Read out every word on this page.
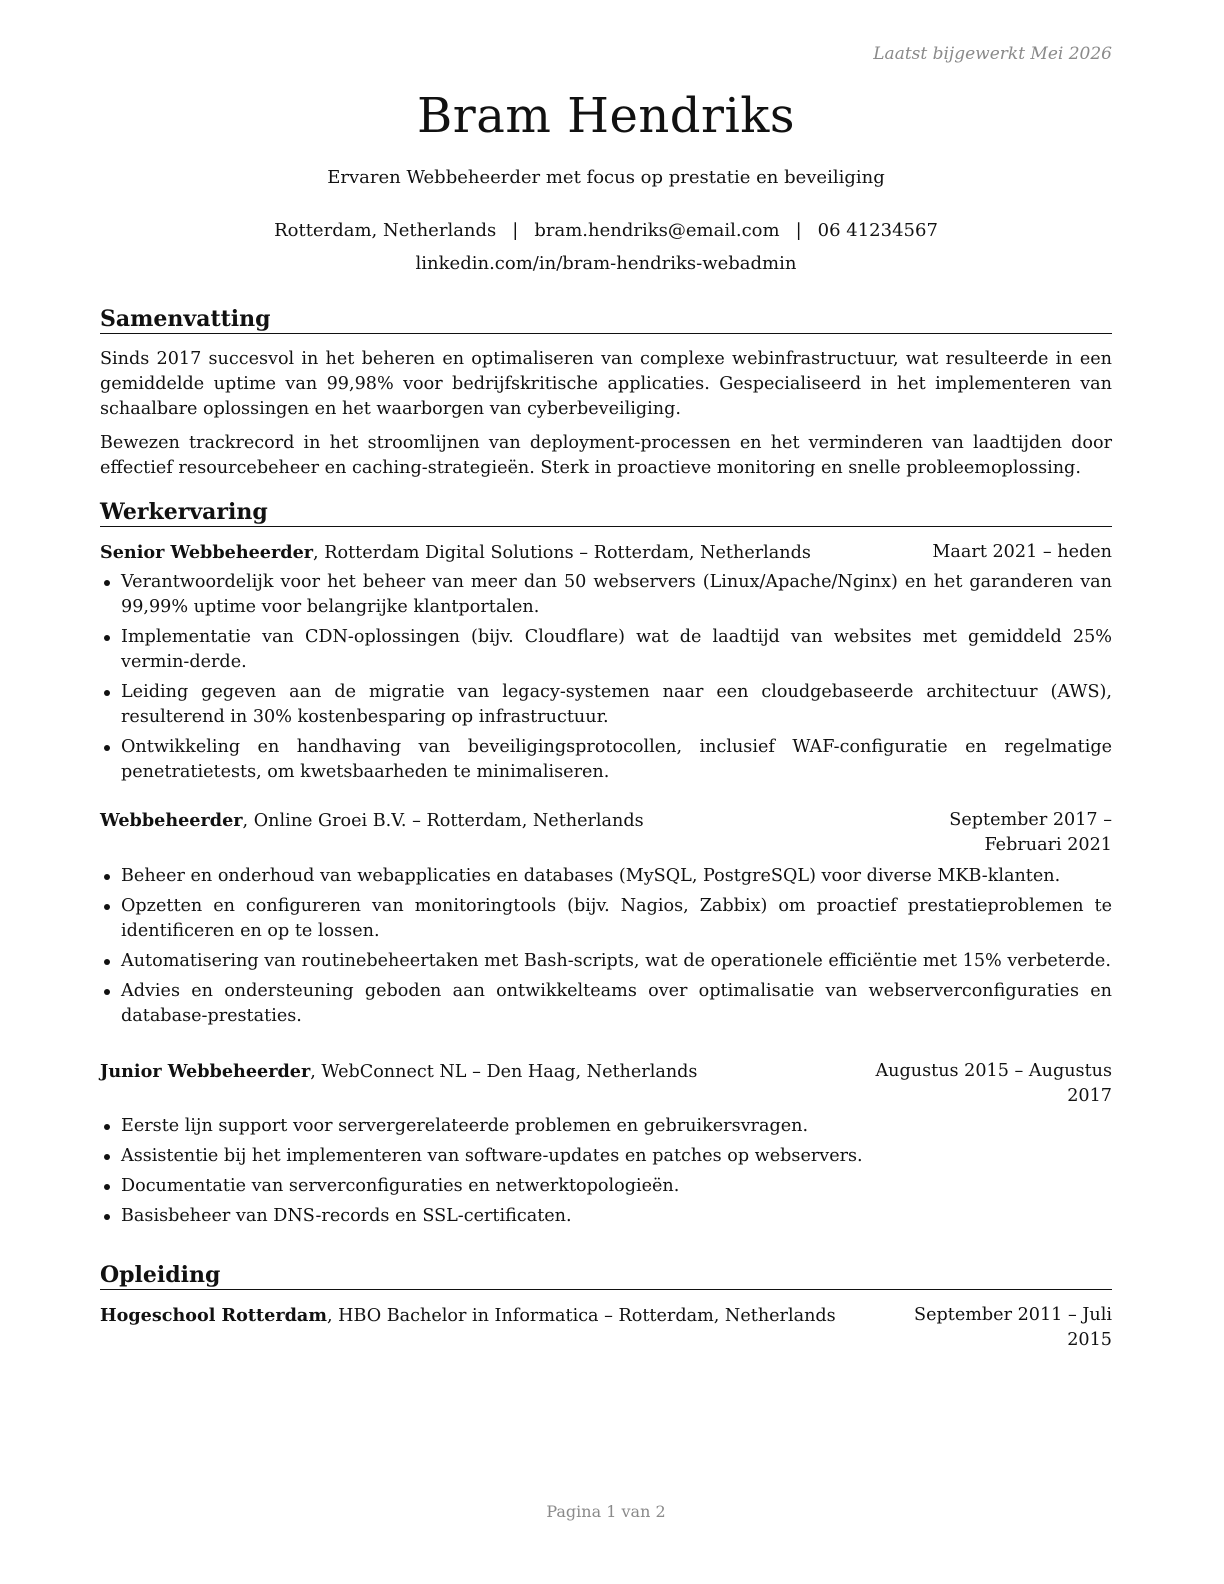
Laatst bijgewerkt Mei 2026
Bram Hendriks
Ervaren Webbeheerder met focus op prestatie en beveiliging
Rotterdam, Netherlands | bram.hendriks@email.com | 06 41234567
linkedin.com/in/bram-hendriks-webadmin
Samenvatting

Sinds 2017 succesvol in het beheren en optimaliseren van complexe webinfrastructuur, wat resulteerde in een gemiddelde uptime van 99,98% voor bedrijfskritische applicaties. Gespecialiseerd in het implementeren van schaalbare oplossingen en het waarborgen van cyberbeveiliging.

Bewezen trackrecord in het stroomlijnen van deployment-processen en het verminderen van laadtijden door effectief resourcebeheer en caching-strategieën. Sterk in proactieve monitoring en snelle probleemoplossing.

Werkervaring
Senior Webbeheerder, Rotterdam Digital Solutions – Rotterdam, Netherlands	Maart 2021 – heden
Verantwoordelijk voor het beheer van meer dan 50 webservers (Linux/Apache/Nginx) en het garanderen van 99,99% uptime voor belangrijke klantportalen.
Implementatie van CDN-oplossingen (bijv. Cloudflare) wat de laadtijd van websites met gemiddeld 25% vermin-derde.
Leiding gegeven aan de migratie van legacy-systemen naar een cloudgebaseerde architectuur (AWS), resulterend in 30% kostenbesparing op infrastructuur.
Ontwikkeling en handhaving van beveiligingsprotocollen, inclusief WAF-configuratie en regelmatige penetratietests, om kwetsbaarheden te minimaliseren.
Webbeheerder, Online Groei B.V. – Rotterdam, Netherlands	September 2017 – Februari 2021
Beheer en onderhoud van webapplicaties en databases (MySQL, PostgreSQL) voor diverse MKB-klanten.
Opzetten en configureren van monitoringtools (bijv. Nagios, Zabbix) om proactief prestatieproblemen te identificeren en op te lossen.
Automatisering van routinebeheertaken met Bash-scripts, wat de operationele efficiëntie met 15% verbeterde.
Advies en ondersteuning geboden aan ontwikkelteams over optimalisatie van webserverconfiguraties en database-prestaties.
Junior Webbeheerder, WebConnect NL – Den Haag, Netherlands	Augustus 2015 – Augustus 2017
Eerste lijn support voor servergerelateerde problemen en gebruikersvragen.
Assistentie bij het implementeren van software-updates en patches op webservers.
Documentatie van serverconfiguraties en netwerktopologieën.
Basisbeheer van DNS-records en SSL-certificaten.
Opleiding
Hogeschool Rotterdam, HBO Bachelor in Informatica – Rotterdam, Netherlands	September 2011 – Juli 2015
Pagina 1 van 2
